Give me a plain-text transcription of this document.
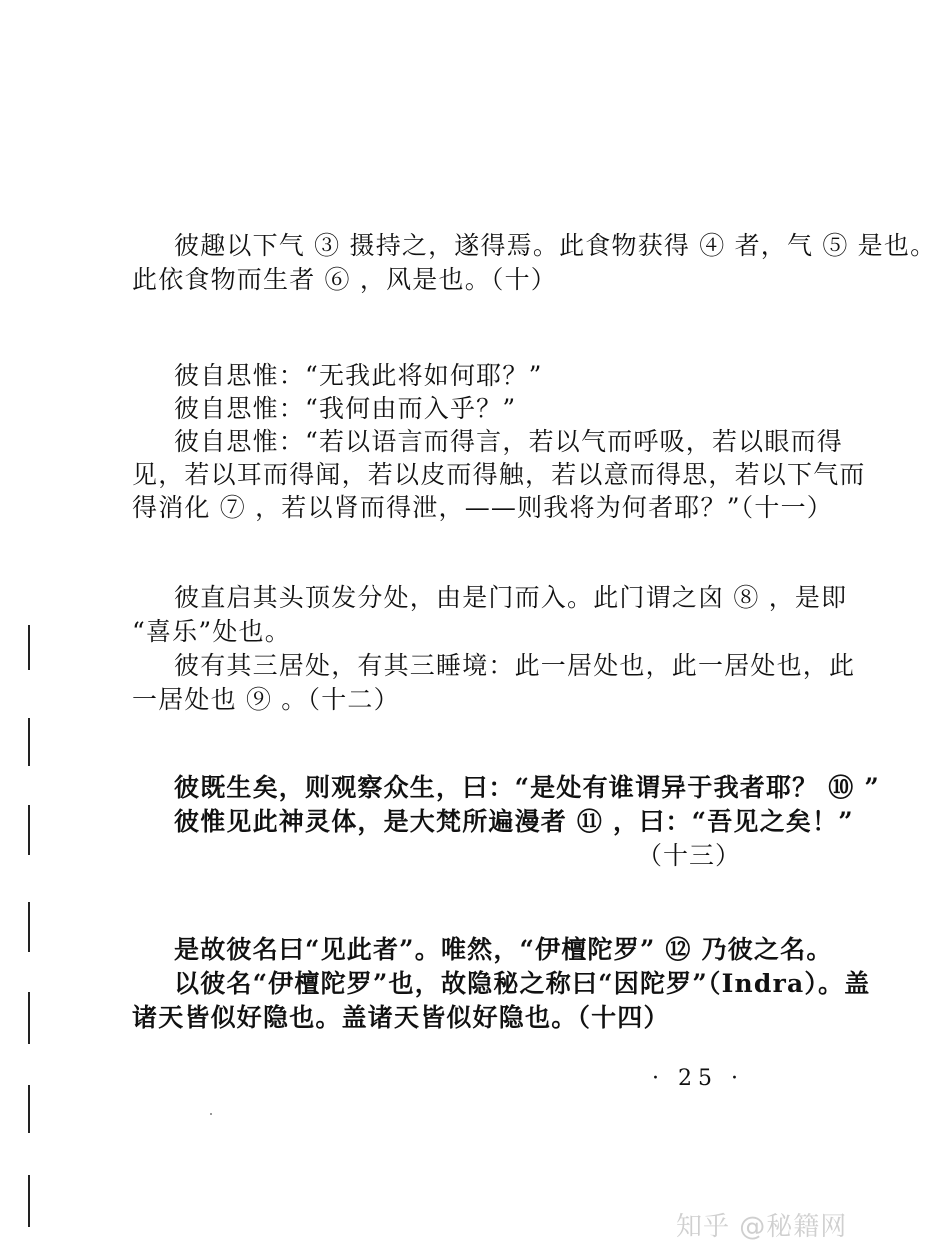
彼趣以下气 ③ 摄持之，遂得焉。此食物获得 ④ 者，气 ⑤ 是也。
此依食物而生者 ⑥ ，风是也。（十）
彼自思惟：“无我此将如何耶？”
彼自思惟：“我何由而入乎？”
彼自思惟：“若以语言而得言，若以气而呼吸，若以眼而得
见，若以耳而得闻，若以皮而得触，若以意而得思，若以下气而
得消化 ⑦ ，若以肾而得泄，——则我将为何者耶？”（十一）
彼直启其头顶发分处，由是门而入。此门谓之囟 ⑧ ，是即
“喜乐”处也。
彼有其三居处，有其三睡境：此一居处也，此一居处也，此
一居处也 ⑨ 。（十二）
彼既生矣，则观察众生，曰：“是处有谁谓异于我者耶？ ⑩ ”
彼惟见此神灵体，是大梵所遍漫者 ⑪ ，曰：“吾见之矣！”
（十三）
是故彼名曰“见此者”。唯然，“伊檀陀罗” ⑫ 乃彼之名。
以彼名“伊檀陀罗”也，故隐秘之称曰“因陀罗”（Indra）。盖
诸天皆似好隐也。盖诸天皆似好隐也。（十四）
· 25 ·
知乎 @秘籍网
